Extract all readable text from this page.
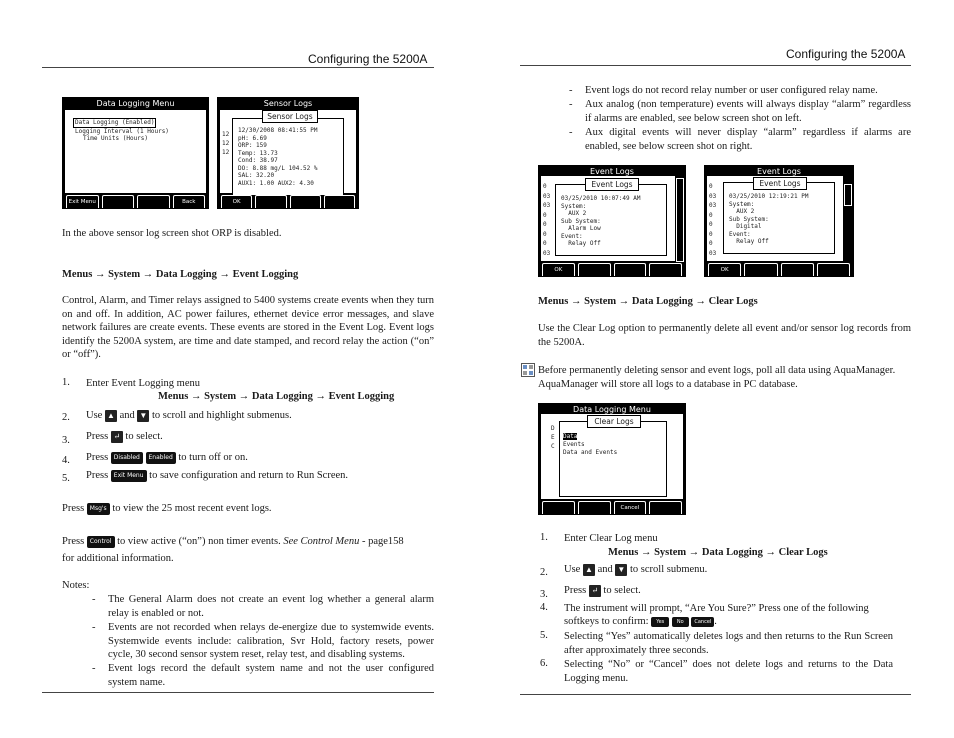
Configuring the 5200A
Data Logging Menu
Data Logging (Enabled)
Logging Interval (1 Hours)
Time Units (Hours)
Exit Menu	Back
Sensor Logs
12
12
12
12/30/2008 08:41:55 PM
pH: 6.69
ORP: 159
Temp: 13.73
Cond: 38.97
DO: 8.88 mg/L 104.52 %
SAL: 32.20
AUX1: 1.00 AUX2: 4.30
Sensor Logs
OK
In the above sensor log screen shot ORP is disabled.
Menus → System → Data Logging → Event Logging
Control, Alarm, and Timer relays assigned to 5400 systems create events when they turn on and off. In addition, AC power failures, ethernet device error messages, and slave network failures are create events. These events are stored in the Event Log. Event logs identify the 5200A system, are time and date stamped, and record relay the action (“on” or “off”).
1. Enter Event Logging menu
Menus → System → Data Logging → Event Logging
2. Use ▲ and ▼ to scroll and highlight submenus.
3. Press ↵ to select.
4. Press Disabled Enabled to turn off or on.
5. Press Exit Menu to save configuration and return to Run Screen.
Press Msg's to view the 25 most recent event logs.
Press Control to view active (“on”) non timer events. See Control Menu - page158
for additional information.
Notes:
- The General Alarm does not create an event log whether a general alarm relay is enabled or not.
- Events are not recorded when relays de-energize due to systemwide events. Systemwide events include: calibration, Svr Hold, factory resets, power cycle, 30 second sensor system reset, relay test, and disabling systems.
- Event logs record the default system name and not the user configured system name.
Configuring the 5200A
- Event logs do not record relay number or user configured relay name.
- Aux analog (non temperature) events will always display “alarm” regardless if alarms are enabled, see below screen shot on left.
- Aux digital events will never display “alarm” regardless if alarms are enabled, see below screen shot on right.
Event Logs
0
03
03
0
0
0
0
03
03/25/2010 10:07:49 AM
System:
AUX 2
Sub System:
Alarm Low
Event:
Relay Off
Event Logs
OK
Event Logs
0
03
03
0
0
0
0
03
03/25/2010 12:19:21 PM
System:
AUX 2
Sub System:
Digital
Event:
Relay Off
Event Logs
OK
Menus → System → Data Logging → Clear Logs
Use the Clear Log option to permanently delete all event and/or sensor log records from the 5200A.
Before permanently deleting sensor and event logs, poll all data using AquaManager.
AquaManager will store all logs to a database in PC database.
Data Logging Menu
D
E
C
Data
Events
Data and Events
Clear Logs
Cancel
1. Enter Clear Log menu
Menus → System → Data Logging → Clear Logs
2. Use ▲ and ▼ to scroll submenu.
3. Press ↵ to select.
4. The instrument will prompt, “Are You Sure?” Press one of the following
softkeys to confirm: Yes	No Cancel .
5. Selecting “Yes” automatically deletes logs and then returns to the Run Screen after approximately three seconds.
6. Selecting “No” or “Cancel” does not delete logs and returns to the Data Logging menu.
